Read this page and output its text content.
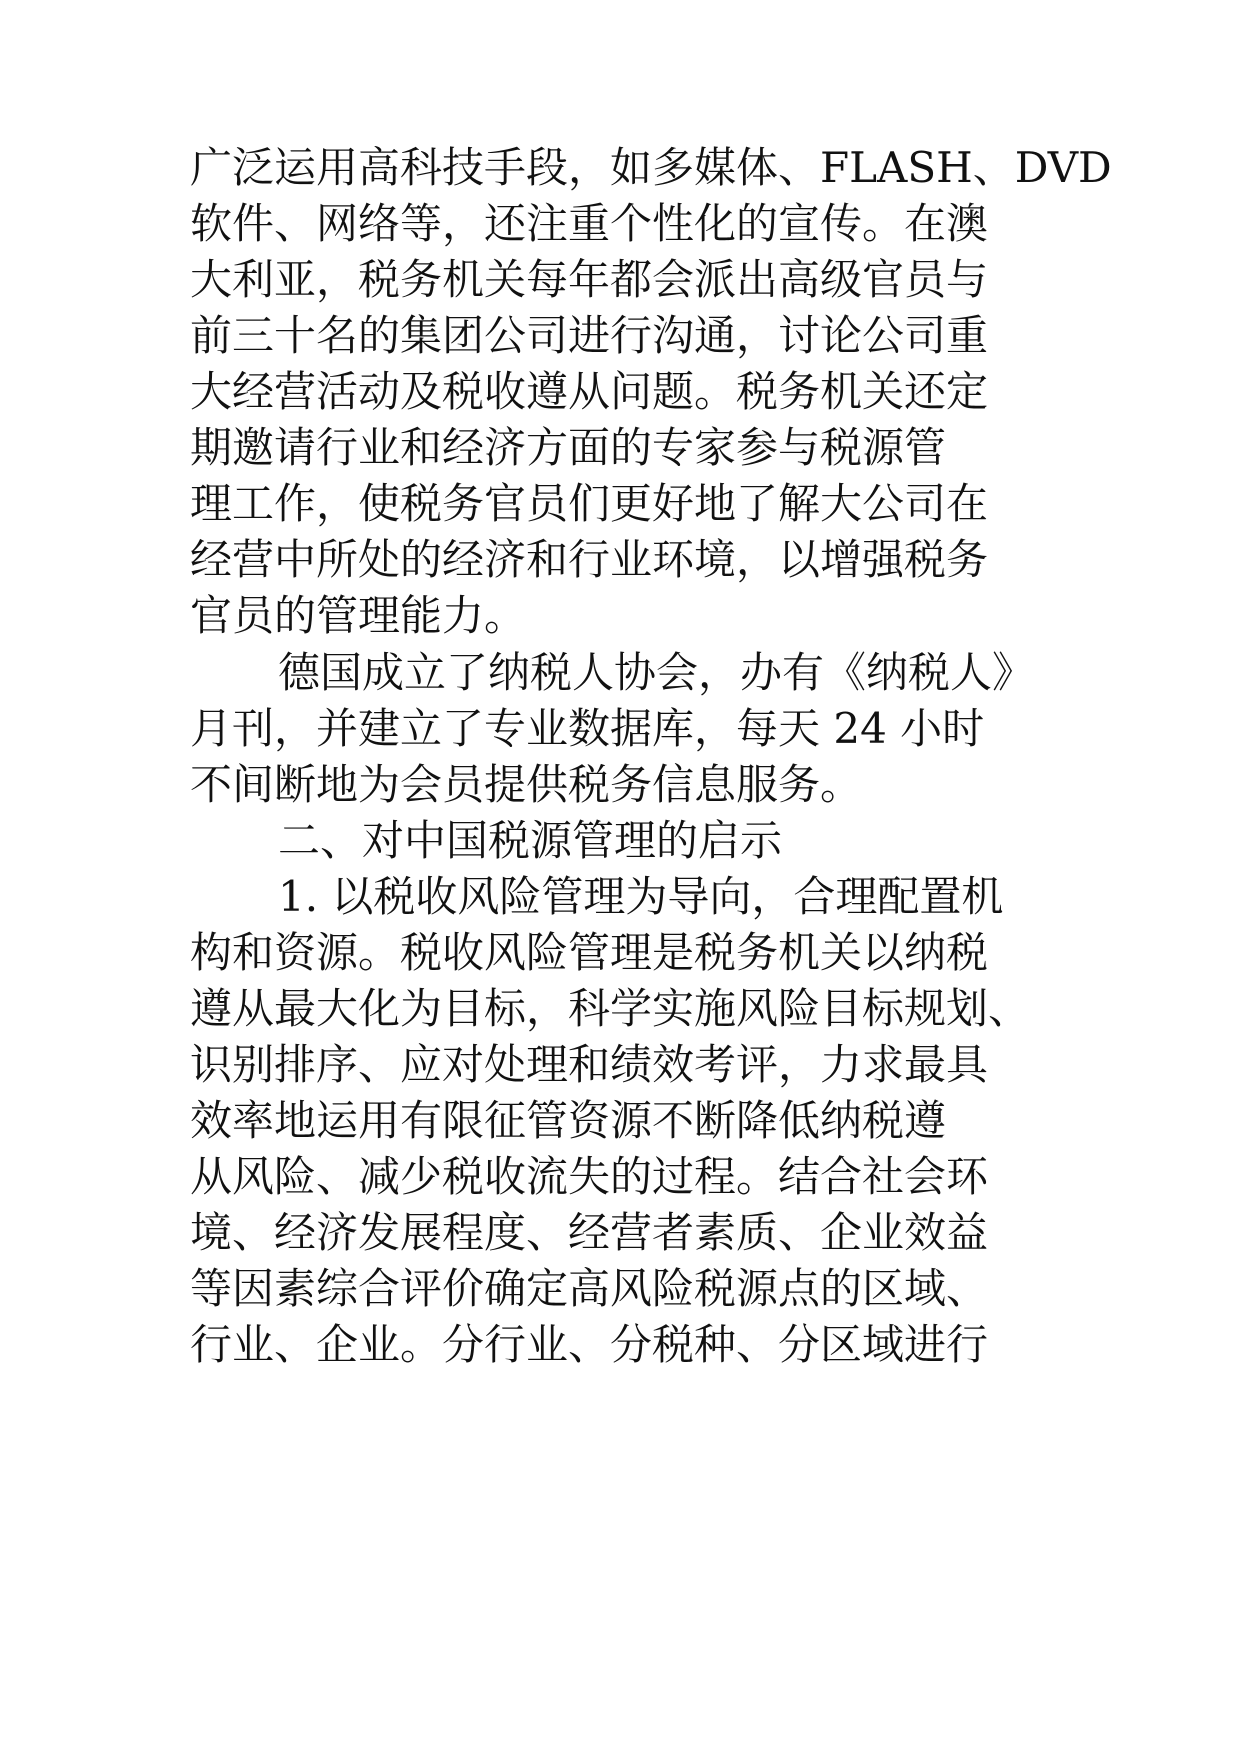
广泛运用高科技手段，如多媒体、FLASH、DVD
软件、网络等，还注重个性化的宣传。在澳
大利亚，税务机关每年都会派出高级官员与
前三十名的集团公司进行沟通，讨论公司重
大经营活动及税收遵从问题。税务机关还定
期邀请行业和经济方面的专家参与税源管
理工作，使税务官员们更好地了解大公司在
经营中所处的经济和行业环境，以增强税务
官员的管理能力。
德国成立了纳税人协会，办有《纳税人》
月刊，并建立了专业数据库，每天 24 小时
不间断地为会员提供税务信息服务。
二、对中国税源管理的启示
1. 以税收风险管理为导向，合理配置机
构和资源。税收风险管理是税务机关以纳税
遵从最大化为目标，科学实施风险目标规划、
识别排序、应对处理和绩效考评，力求最具
效率地运用有限征管资源不断降低纳税遵
从风险、减少税收流失的过程。结合社会环
境、经济发展程度、经营者素质、企业效益
等因素综合评价确定高风险税源点的区域、
行业、企业。分行业、分税种、分区域进行
